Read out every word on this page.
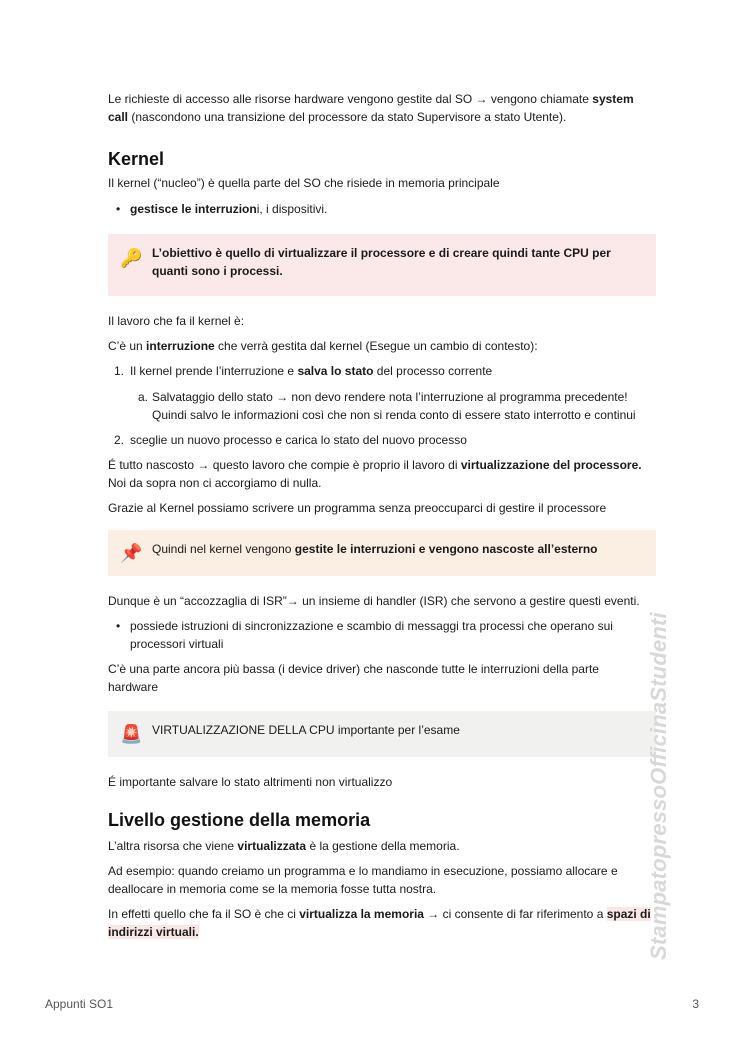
Le richieste di accesso alle risorse hardware vengono gestite dal SO → vengono chiamate system call (nascondono una transizione del processore da stato Supervisore a stato Utente).

Kernel

Il kernel (“nucleo”) è quella parte del SO che risiede in memoria principale

• gestisce le interruzioni, i dispositivi.
🔑 L’obiettivo è quello di virtualizzare il processore e di creare quindi tante CPU per quanti sono i processi.

Il lavoro che fa il kernel è:

C’è un interruzione che verrà gestita dal kernel (Esegue un cambio di contesto):

1. Il kernel prende l’interruzione e salva lo stato del processo corrente
a. Salvataggio dello stato → non devo rendere nota l’interruzione al programma precedente! Quindi salvo le informazioni così che non si renda conto di essere stato interrotto e continui
2. sceglie un nuovo processo e carica lo stato del nuovo processo

É tutto nascosto → questo lavoro che compie è proprio il lavoro di virtualizzazione del processore. Noi da sopra non ci accorgiamo di nulla.

Grazie al Kernel possiamo scrivere un programma senza preoccuparci di gestire il processore

📌 Quindi nel kernel vengono gestite le interruzioni e vengono nascoste all’esterno

Dunque è un “accozzaglia di ISR”→ un insieme di handler (ISR) che servono a gestire questi eventi.

• possiede istruzioni di sincronizzazione e scambio di messaggi tra processi che operano sui processori virtuali

C’è una parte ancora più bassa (i device driver) che nasconde tutte le interruzioni della parte hardware

🚨 VIRTUALIZZAZIONE DELLA CPU importante per l’esame

É importante salvare lo stato altrimenti non virtualizzo

Livello gestione della memoria

L’altra risorsa che viene virtualizzata è la gestione della memoria.

Ad esempio: quando creiamo un programma e lo mandiamo in esecuzione, possiamo allocare e deallocare in memoria come se la memoria fosse tutta nostra.

In effetti quello che fa il SO è che ci virtualizza la memoria → ci consente di far riferimento a spazi di indirizzi virtuali.	StampatopressoOfficinaStudenti
Appunti SO1	3
